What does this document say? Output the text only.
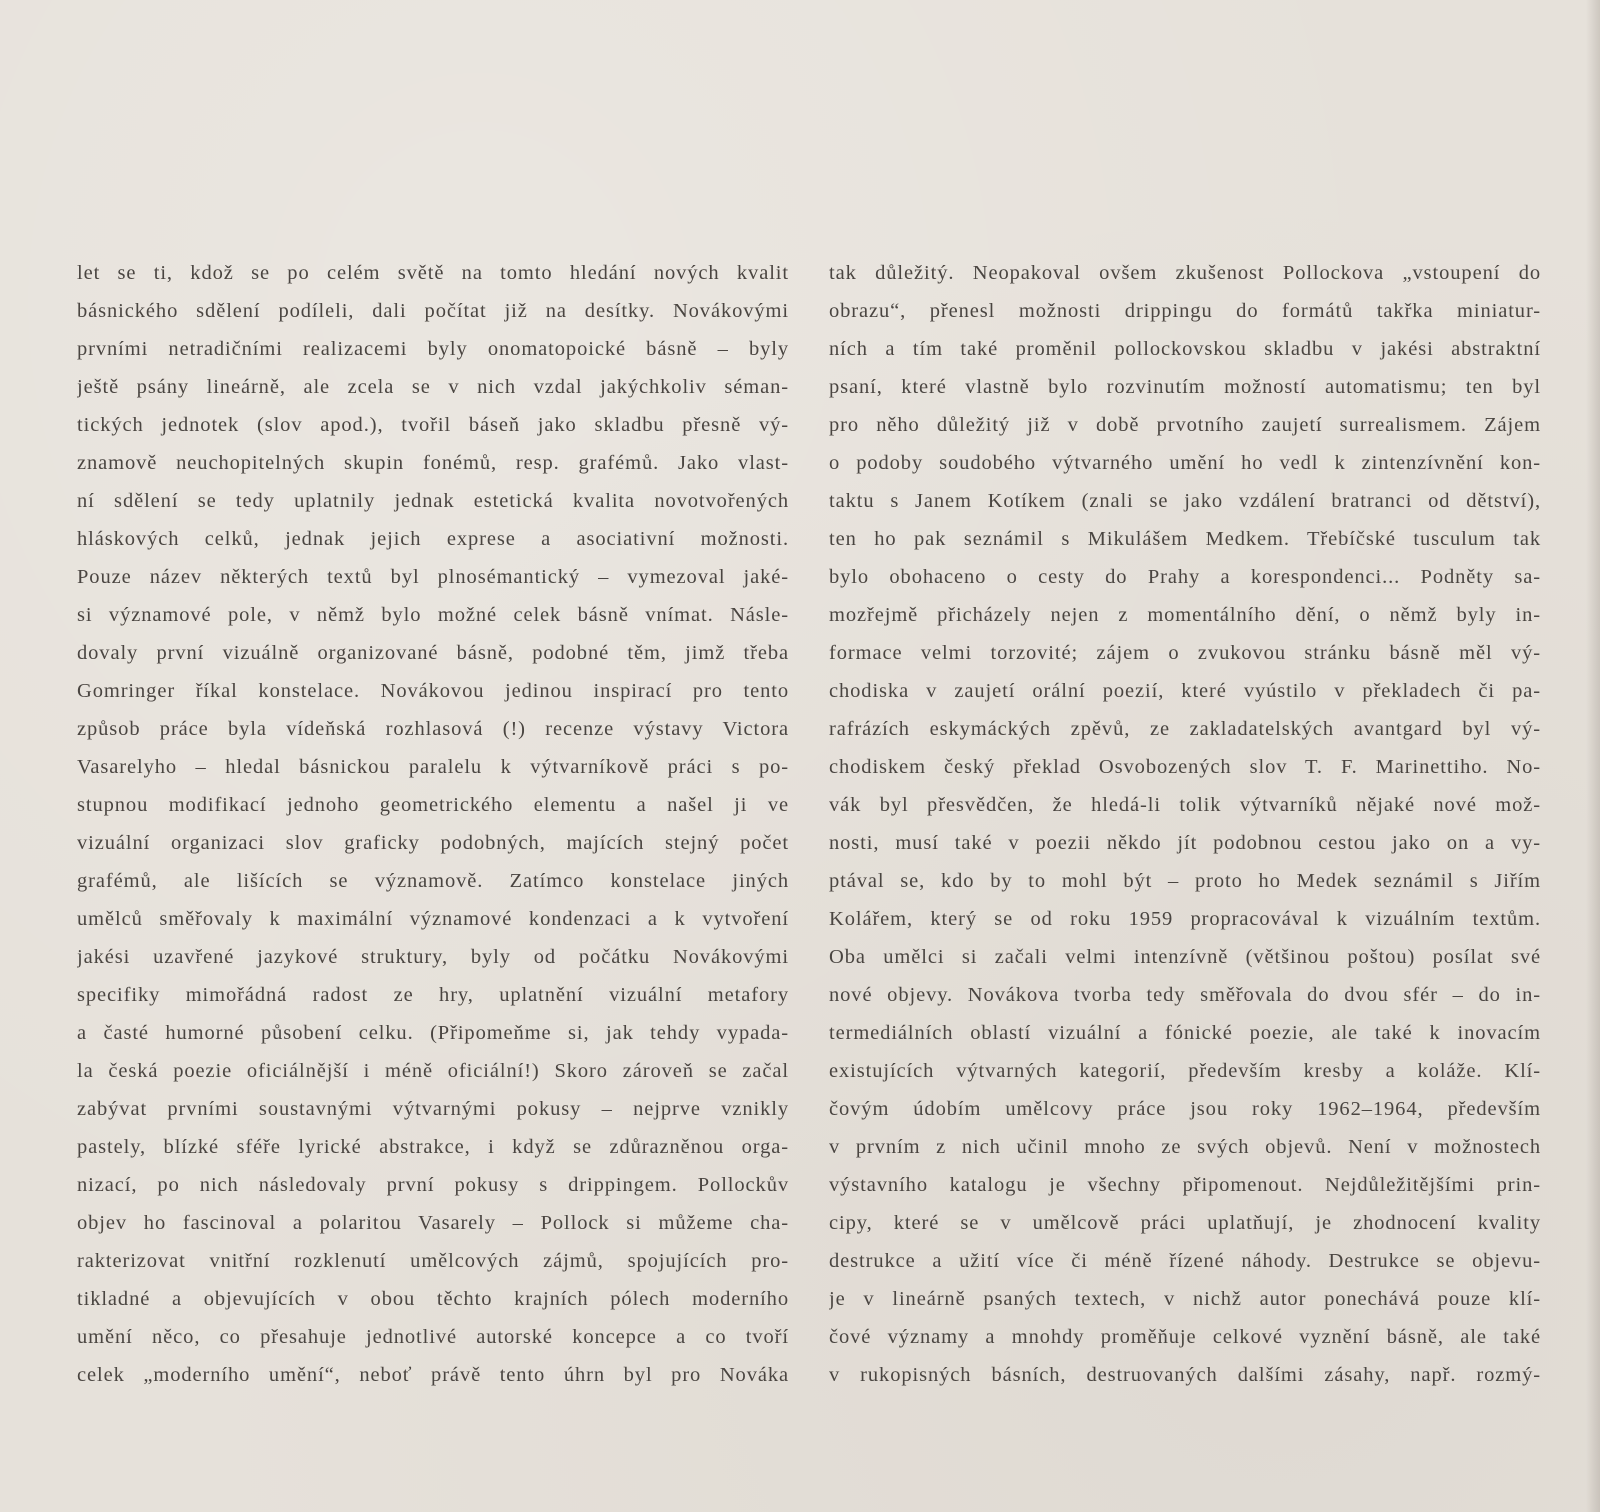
let se ti, kdož se po celém světě na tomto hledání nových kvalit
básnického sdělení podíleli, dali počítat již na desítky. Novákovými
prvními netradičními realizacemi byly onomatopoické básně – byly
ještě psány lineárně, ale zcela se v nich vzdal jakýchkoliv séman-
tických jednotek (slov apod.), tvořil báseň jako skladbu přesně vý-
znamově neuchopitelných skupin fonémů, resp. grafémů. Jako vlast-
ní sdělení se tedy uplatnily jednak estetická kvalita novotvořených
hláskových celků, jednak jejich exprese a asociativní možnosti.
Pouze název některých textů byl plnosémantický – vymezoval jaké-
si významové pole, v němž bylo možné celek básně vnímat. Násle-
dovaly první vizuálně organizované básně, podobné těm, jimž třeba
Gomringer říkal konstelace. Novákovou jedinou inspirací pro tento
způsob práce byla vídeňská rozhlasová (!) recenze výstavy Victora
Vasarelyho – hledal básnickou paralelu k výtvarníkově práci s po-
stupnou modifikací jednoho geometrického elementu a našel ji ve
vizuální organizaci slov graficky podobných, majících stejný počet
grafémů, ale lišících se významově. Zatímco konstelace jiných
umělců směřovaly k maximální významové kondenzaci a k vytvoření
jakési uzavřené jazykové struktury, byly od počátku Novákovými
specifiky mimořádná radost ze hry, uplatnění vizuální metafory
a časté humorné působení celku. (Připomeňme si, jak tehdy vypada-
la česká poezie oficiálnější i méně oficiální!) Skoro zároveň se začal
zabývat prvními soustavnými výtvarnými pokusy – nejprve vznikly
pastely, blízké sféře lyrické abstrakce, i když se zdůrazněnou orga-
nizací, po nich následovaly první pokusy s drippingem. Pollockův
objev ho fascinoval a polaritou Vasarely – Pollock si můžeme cha-
rakterizovat vnitřní rozklenutí umělcových zájmů, spojujících pro-
tikladné a objevujících v obou těchto krajních pólech moderního
umění něco, co přesahuje jednotlivé autorské koncepce a co tvoří
celek „moderního umění“, neboť právě tento úhrn byl pro Nováka
tak důležitý. Neopakoval ovšem zkušenost Pollockova „vstoupení do
obrazu“, přenesl možnosti drippingu do formátů takřka miniatur-
ních a tím také proměnil pollockovskou skladbu v jakési abstraktní
psaní, které vlastně bylo rozvinutím možností automatismu; ten byl
pro něho důležitý již v době prvotního zaujetí surrealismem. Zájem
o podoby soudobého výtvarného umění ho vedl k zintenzívnění kon-
taktu s Janem Kotíkem (znali se jako vzdálení bratranci od dětství),
ten ho pak seznámil s Mikulášem Medkem. Třebíčské tusculum tak
bylo obohaceno o cesty do Prahy a korespondenci... Podněty sa-
mozřejmě přicházely nejen z momentálního dění, o němž byly in-
formace velmi torzovité; zájem o zvukovou stránku básně měl vý-
chodiska v zaujetí orální poezií, které vyústilo v překladech či pa-
rafrázích eskymáckých zpěvů, ze zakladatelských avantgard byl vý-
chodiskem český překlad Osvobozených slov T. F. Marinettiho. No-
vák byl přesvědčen, že hledá-li tolik výtvarníků nějaké nové mož-
nosti, musí také v poezii někdo jít podobnou cestou jako on a vy-
ptával se, kdo by to mohl být – proto ho Medek seznámil s Jiřím
Kolářem, který se od roku 1959 propracovával k vizuálním textům.
Oba umělci si začali velmi intenzívně (většinou poštou) posílat své
nové objevy. Novákova tvorba tedy směřovala do dvou sfér – do in-
termediálních oblastí vizuální a fónické poezie, ale také k inovacím
existujících výtvarných kategorií, především kresby a koláže. Klí-
čovým údobím umělcovy práce jsou roky 1962–1964, především
v prvním z nich učinil mnoho ze svých objevů. Není v možnostech
výstavního katalogu je všechny připomenout. Nejdůležitějšími prin-
cipy, které se v umělcově práci uplatňují, je zhodnocení kvality
destrukce a užití více či méně řízené náhody. Destrukce se objevu-
je v lineárně psaných textech, v nichž autor ponechává pouze klí-
čové významy a mnohdy proměňuje celkové vyznění básně, ale také
v rukopisných básních, destruovaných dalšími zásahy, např. rozmý-
